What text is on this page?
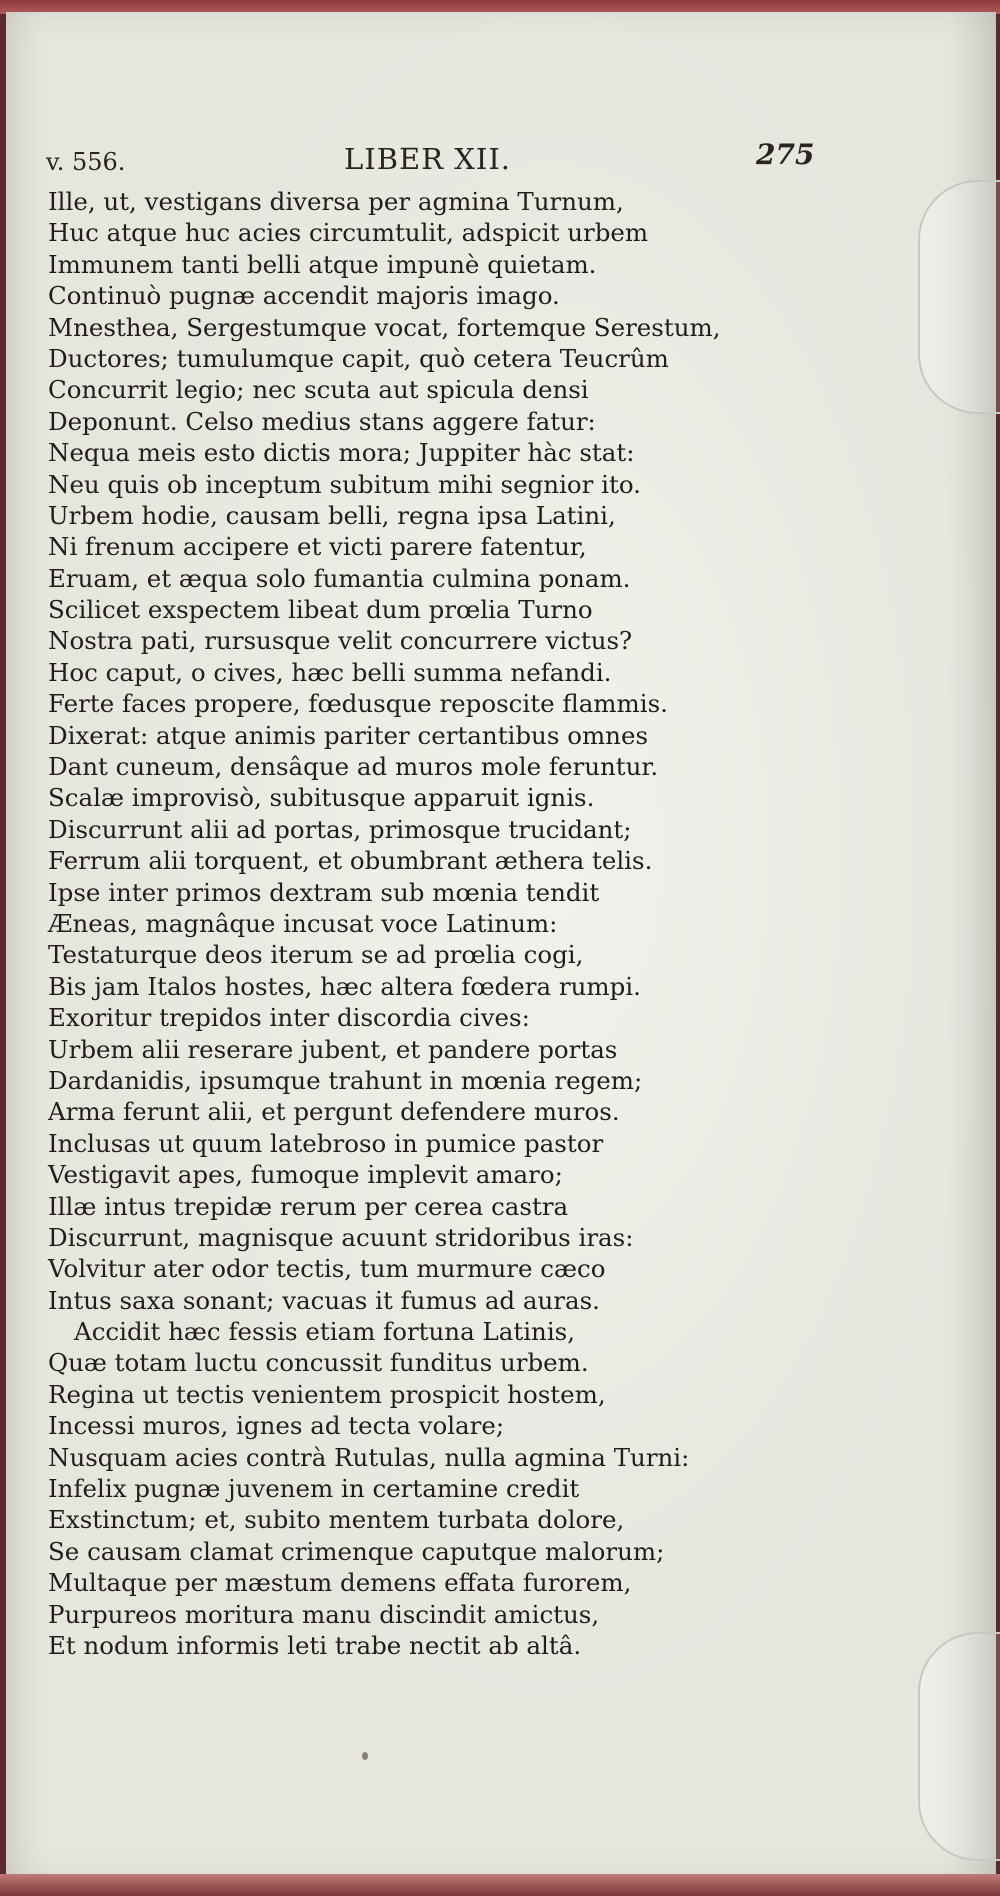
v. 556.	LIBER XII.	275
Ille, ut, vestigans diversa per agmina Turnum,
Huc atque huc acies circumtulit, adspicit urbem
Immunem tanti belli atque impunè quietam.
Continuò pugnæ accendit majoris imago.
Mnesthea, Sergestumque vocat, fortemque Serestum,
Ductores; tumulumque capit, quò cetera Teucrûm
Concurrit legio; nec scuta aut spicula densi
Deponunt. Celso medius stans aggere fatur:
Nequa meis esto dictis mora; Juppiter hàc stat:
Neu quis ob inceptum subitum mihi segnior ito.
Urbem hodie, causam belli, regna ipsa Latini,
Ni frenum accipere et victi parere fatentur,
Eruam, et æqua solo fumantia culmina ponam.
Scilicet exspectem libeat dum prœlia Turno
Nostra pati, rursusque velit concurrere victus?
Hoc caput, o cives, hæc belli summa nefandi.
Ferte faces propere, fœdusque reposcite flammis.
Dixerat: atque animis pariter certantibus omnes
Dant cuneum, densâque ad muros mole feruntur.
Scalæ improvisò, subitusque apparuit ignis.
Discurrunt alii ad portas, primosque trucidant;
Ferrum alii torquent, et obumbrant æthera telis.
Ipse inter primos dextram sub mœnia tendit
Æneas, magnâque incusat voce Latinum:
Testaturque deos iterum se ad prœlia cogi,
Bis jam Italos hostes, hæc altera fœdera rumpi.
Exoritur trepidos inter discordia cives:
Urbem alii reserare jubent, et pandere portas
Dardanidis, ipsumque trahunt in mœnia regem;
Arma ferunt alii, et pergunt defendere muros.
Inclusas ut quum latebroso in pumice pastor
Vestigavit apes, fumoque implevit amaro;
Illæ intus trepidæ rerum per cerea castra
Discurrunt, magnisque acuunt stridoribus iras:
Volvitur ater odor tectis, tum murmure cæco
Intus saxa sonant; vacuas it fumus ad auras.
Accidit hæc fessis etiam fortuna Latinis,
Quæ totam luctu concussit funditus urbem.
Regina ut tectis venientem prospicit hostem,
Incessi muros, ignes ad tecta volare;
Nusquam acies contrà Rutulas, nulla agmina Turni:
Infelix pugnæ juvenem in certamine credit
Exstinctum; et, subito mentem turbata dolore,
Se causam clamat crimenque caputque malorum;
Multaque per mæstum demens effata furorem,
Purpureos moritura manu discindit amictus,
Et nodum informis leti trabe nectit ab altâ.
